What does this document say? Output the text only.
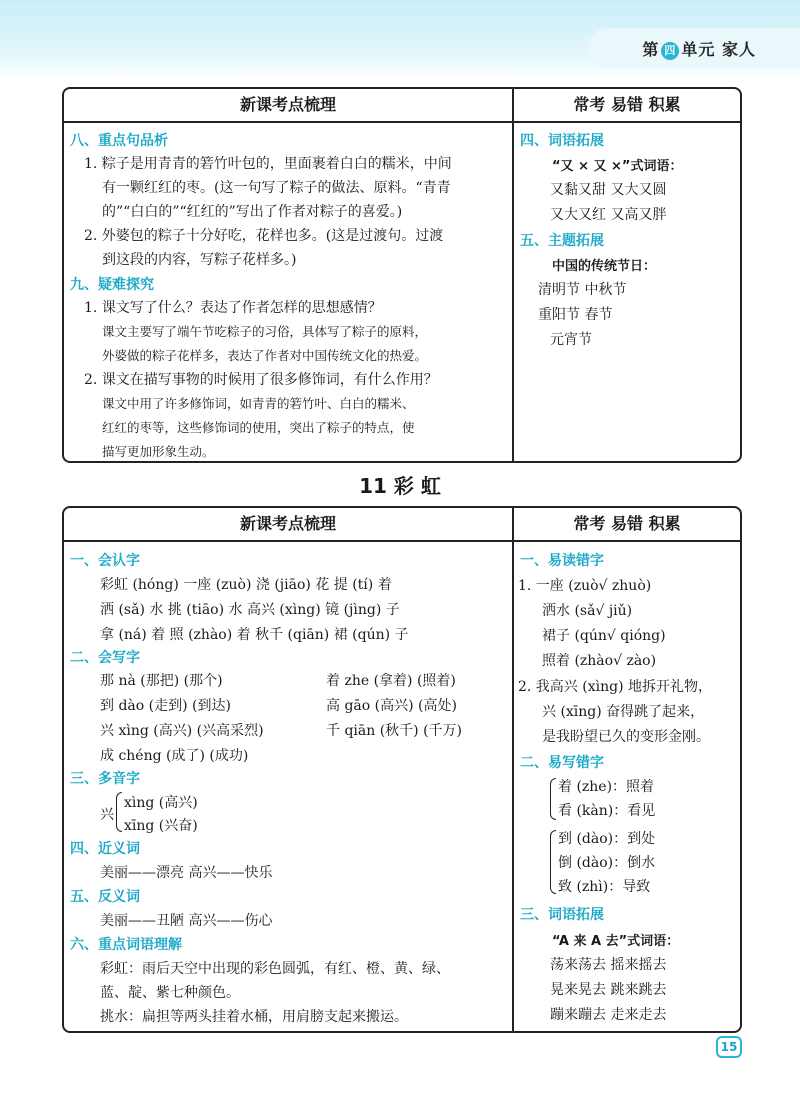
第 四 单元 家人
新课考点梳理	常考 易错 积累
八、重点句品析
1. 粽子是用青青的箬竹叶包的，里面裹着白白的糯米，中间
有一颗红红的枣。(这一句写了粽子的做法、原料。“青青
的”“白白的”“红红的”写出了作者对粽子的喜爱。)
2. 外婆包的粽子十分好吃，花样也多。(这是过渡句。过渡
到这段的内容，写粽子花样多。)
九、疑难探究
1. 课文写了什么？表达了作者怎样的思想感情？
课文主要写了端午节吃粽子的习俗，具体写了粽子的原料，
外婆做的粽子花样多，表达了作者对中国传统文化的热爱。
2. 课文在描写事物的时候用了很多修饰词，有什么作用？
课文中用了许多修饰词，如青青的箬竹叶、白白的糯米、
红红的枣等，这些修饰词的使用，突出了粽子的特点，使
描写更加形象生动。
四、词语拓展
“又 × 又 ×”式词语：
又黏又甜 又大又圆
又大又红 又高又胖
五、主题拓展
中国的传统节日：
清明节 中秋节
重阳节 春节
元宵节
11 彩 虹
新课考点梳理	常考 易错 积累
一、会认字
彩虹 (hóng) 一座 (zuò) 浇 (jiāo) 花 提 (tí) 着
洒 (sǎ) 水 挑 (tiāo) 水 高兴 (xìng) 镜 (jìng) 子
拿 (ná) 着 照 (zhào) 着 秋千 (qiān) 裙 (qún) 子
二、会写字
那 nà (那把) (那个)
到 dào (走到) (到达)
兴 xìng (高兴) (兴高采烈)
成 chéng (成了) (成功)
着 zhe (拿着) (照着)
高 gāo (高兴) (高处)
千 qiān (秋千) (千万)
三、多音字
兴
xìng (高兴)
xīng (兴奋)
四、近义词
美丽——漂亮 高兴——快乐
五、反义词
美丽——丑陋 高兴——伤心
六、重点词语理解
彩虹：雨后天空中出现的彩色圆弧，有红、橙、黄、绿、
蓝、靛、紫七种颜色。
挑水：扁担等两头挂着水桶，用肩膀支起来搬运。
一、易读错字
1. 一座 (zuò√ zhuò)
洒水 (sǎ√ jiǔ)
裙子 (qún√ qióng)
照着 (zhào√ zào)
2. 我高兴 (xìng) 地拆开礼物，
兴 (xīng) 奋得跳了起来，
是我盼望已久的变形金刚。
二、易写错字
着 (zhe)：照着
看 (kàn)：看见
到 (dào)：到处
倒 (dào)：倒水
致 (zhì)：导致
三、词语拓展
“A 来 A 去”式词语：
荡来荡去 摇来摇去
晃来晃去 跳来跳去
蹦来蹦去 走来走去
15
